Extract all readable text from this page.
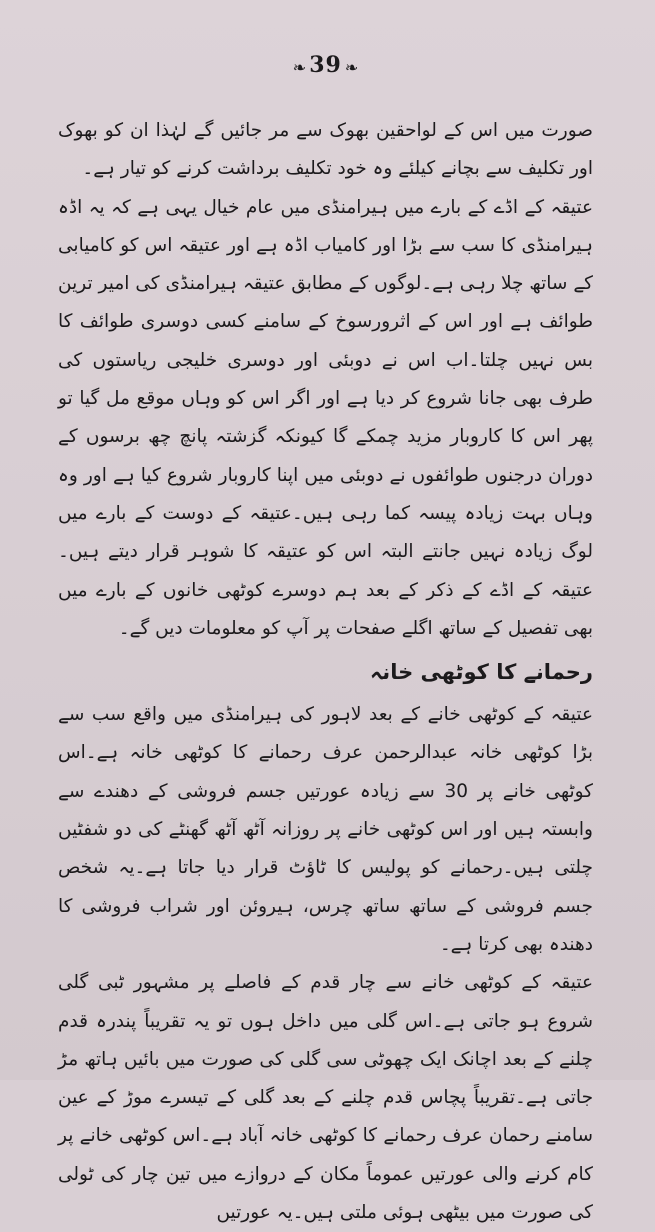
❧ 39 ❧

صورت میں اس کے لواحقین بھوک سے مر جائیں گے لہٰذا ان کو بھوک اور تکلیف سے بچانے کیلئے وہ خود تکلیف برداشت کرنے کو تیار ہے۔

عتیقہ کے اڈے کے بارے میں ہیرامنڈی میں عام خیال یہی ہے کہ یہ اڈہ ہیرامنڈی کا سب سے بڑا اور کامیاب اڈہ ہے اور عتیقہ اس کو کامیابی کے ساتھ چلا رہی ہے۔لوگوں کے مطابق عتیقہ ہیرامنڈی کی امیر ترین طوائف ہے اور اس کے اثرورسوخ کے سامنے کسی دوسری طوائف کا بس نہیں چلتا۔اب اس نے دوبئی اور دوسری خلیجی ریاستوں کی طرف بھی جانا شروع کر دیا ہے اور اگر اس کو وہاں موقع مل گیا تو پھر اس کا کاروبار مزید چمکے گا کیونکہ گزشتہ پانچ چھ برسوں کے دوران درجنوں طوائفوں نے دوبئی میں اپنا کاروبار شروع کیا ہے اور وہ وہاں بہت زیادہ پیسہ کما رہی ہیں۔عتیقہ کے دوست کے بارے میں لوگ زیادہ نہیں جانتے البتہ اس کو عتیقہ کا شوہر قرار دیتے ہیں۔عتیقہ کے اڈے کے ذکر کے بعد ہم دوسرے کوٹھی خانوں کے بارے میں بھی تفصیل کے ساتھ اگلے صفحات پر آپ کو معلومات دیں گے۔

رحمانے کا کوٹھی خانہ

عتیقہ کے کوٹھی خانے کے بعد لاہور کی ہیرامنڈی میں واقع سب سے بڑا کوٹھی خانہ عبدالرحمن عرف رحمانے کا کوٹھی خانہ ہے۔اس کوٹھی خانے پر 30 سے زیادہ عورتیں جسم فروشی کے دھندے سے وابستہ ہیں اور اس کوٹھی خانے پر روزانہ آٹھ آٹھ گھنٹے کی دو شفٹیں چلتی ہیں۔رحمانے کو پولیس کا ٹاؤٹ قرار دیا جاتا ہے۔یہ شخص جسم فروشی کے ساتھ ساتھ چرس، ہیروئن اور شراب فروشی کا دھندہ بھی کرتا ہے۔

عتیقہ کے کوٹھی خانے سے چار قدم کے فاصلے پر مشہور ٹبی گلی شروع ہو جاتی ہے۔اس گلی میں داخل ہوں تو یہ تقریباً پندرہ قدم چلنے کے بعد اچانک ایک چھوٹی سی گلی کی صورت میں بائیں ہاتھ مڑ جاتی ہے۔تقریباً پچاس قدم چلنے کے بعد گلی کے تیسرے موڑ کے عین سامنے رحمان عرف رحمانے کا کوٹھی خانہ آباد ہے۔اس کوٹھی خانے پر کام کرنے والی عورتیں عموماً مکان کے دروازے میں تین چار کی ٹولی کی صورت میں بیٹھی ہوئی ملتی ہیں۔یہ عورتیں
